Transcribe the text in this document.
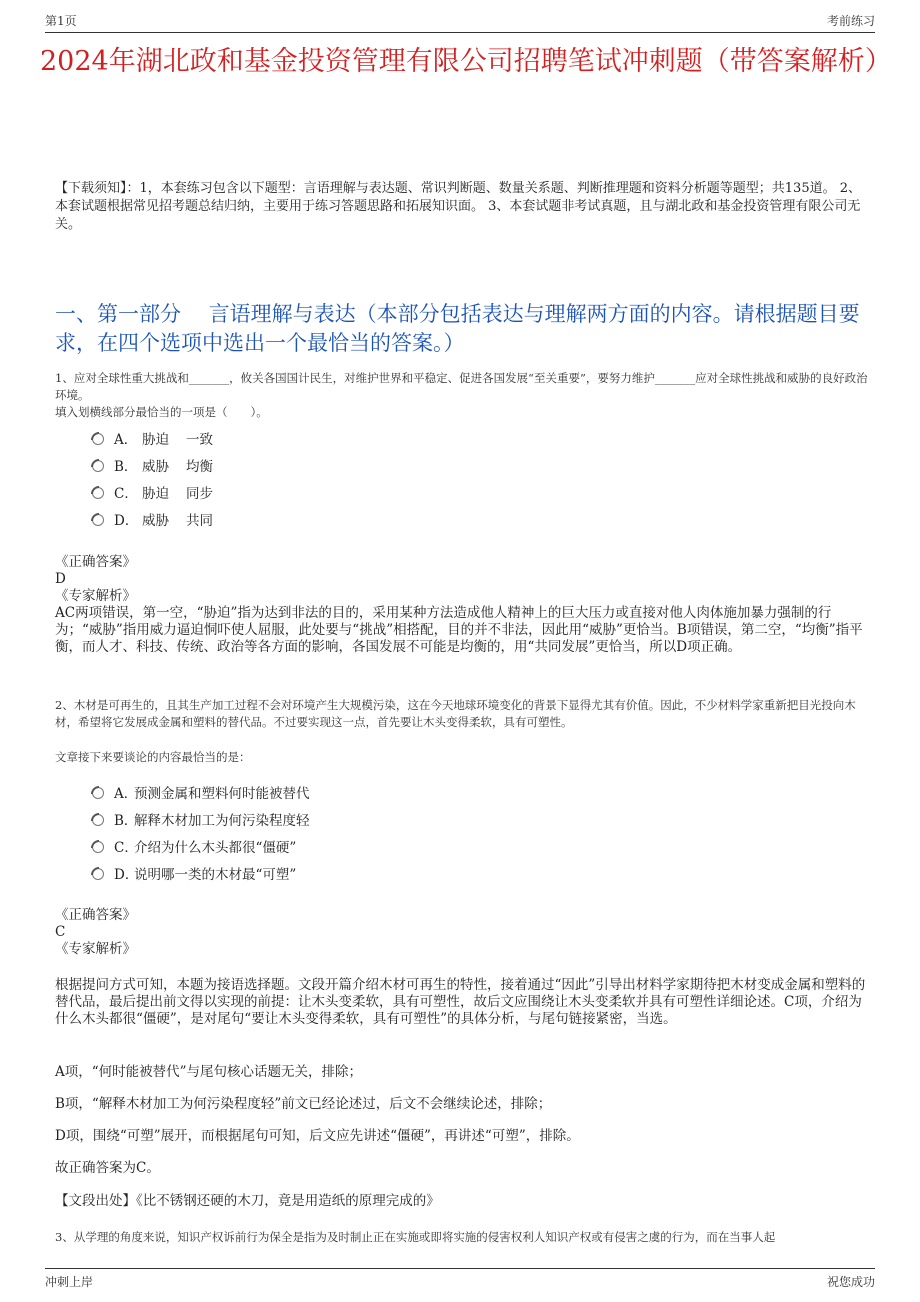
第1页	考前练习
2024年湖北政和基金投资管理有限公司招聘笔试冲刺题（带答案解析）
【下载须知】：1，本套练习包含以下题型：言语理解与表达题、常识判断题、数量关系题、判断推理题和资料分析题等题型；共135道。 2、本套试题根据常见招考题总结归纳，主要用于练习答题思路和拓展知识面。 3、本套试题非考试真题，且与湖北政和基金投资管理有限公司无关。
一、第一部分　 言语理解与表达（本部分包括表达与理解两方面的内容。请根据题目要求，在四个选项中选出一个最恰当的答案。）
1、应对全球性重大挑战和_______，攸关各国国计民生，对维护世界和平稳定、促进各国发展“至关重要”，要努力维护_______应对全球性挑战和威胁的良好政治环境。
填入划横线部分最恰当的一项是（　　）。
A． 胁迫 一致
B． 威胁 均衡
C． 胁迫 同步
D． 威胁 共同
《正确答案》
D
《专家解析》
AC两项错误，第一空，“胁迫”指为达到非法的目的，采用某种方法造成他人精神上的巨大压力或直接对他人肉体施加暴力强制的行为；“威胁”指用威力逼迫恫吓使人屈服，此处要与“挑战”相搭配，目的并不非法，因此用“威胁”更恰当。B项错误，第二空，“均衡”指平衡，而人才、科技、传统、政治等各方面的影响，各国发展不可能是均衡的，用“共同发展”更恰当，所以D项正确。
2、木材是可再生的，且其生产加工过程不会对环境产生大规模污染，这在今天地球环境变化的背景下显得尤其有价值。因此，不少材料学家重新把目光投向木材，希望将它发展成金属和塑料的替代品。不过要实现这一点，首先要让木头变得柔软，具有可塑性。
文章接下来要谈论的内容最恰当的是：
A．预测金属和塑料何时能被替代
B．解释木材加工为何污染程度轻
C．介绍为什么木头都很“僵硬”
D．说明哪一类的木材最“可塑”
《正确答案》
C
《专家解析》
根据提问方式可知，本题为接语选择题。文段开篇介绍木材可再生的特性，接着通过“因此”引导出材料学家期待把木材变成金属和塑料的替代品，最后提出前文得以实现的前提：让木头变柔软，具有可塑性，故后文应围绕让木头变柔软并具有可塑性详细论述。C项，介绍为什么木头都很“僵硬”，是对尾句“要让木头变得柔软，具有可塑性”的具体分析，与尾句链接紧密，当选。
A项，“何时能被替代”与尾句核心话题无关，排除；
B项，“解释木材加工为何污染程度轻”前文已经论述过，后文不会继续论述，排除；
D项，围绕“可塑”展开，而根据尾句可知，后文应先讲述“僵硬”，再讲述“可塑”，排除。
故正确答案为C。
【文段出处】《比不锈钢还硬的木刀，竟是用造纸的原理完成的》
3、从学理的角度来说，知识产权诉前行为保全是指为及时制止正在实施或即将实施的侵害权利人知识产权或有侵害之虞的行为，而在当事人起
冲刺上岸	祝您成功
